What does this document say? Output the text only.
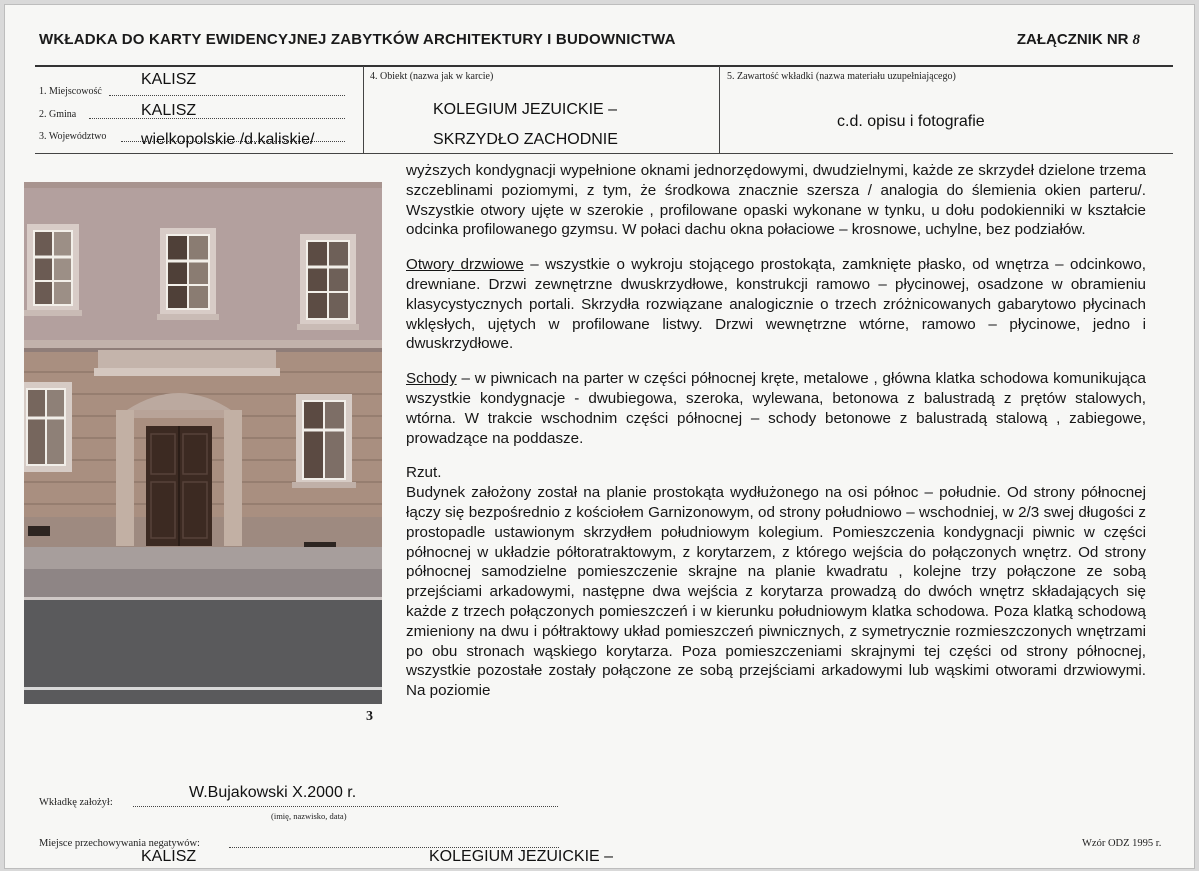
WKŁADKA DO KARTY EWIDENCYJNEJ ZABYTKÓW ARCHITEKTURY I BUDOWNICTWA	ZAŁĄCZNIK NR 8
1. Miejscowość
KALISZ
2. Gmina	KALISZ
3. Województwo wielkopolskie /d.kaliskie/
4. Obiekt (nazwa jak w karcie)
KOLEGIUM JEZUICKIE –
SKRZYDŁO ZACHODNIE
5. Zawartość wkładki (nazwa materiału uzupełniającego)
c.d. opisu i fotografie
3

wyższych kondygnacji wypełnione oknami jednorzędowymi, dwudzielnymi, każde ze skrzydeł dzielone trzema szczeblinami poziomymi, z tym, że środkowa znacznie szersza / analogia do ślemienia okien parteru/. Wszystkie otwory ujęte w szerokie , profilowane opaski wykonane w tynku, u dołu podokienniki w kształcie odcinka profilowanego gzymsu. W połaci dachu okna połaciowe – krosnowe, uchylne, bez podziałów.

Otwory drzwiowe – wszystkie o wykroju stojącego prostokąta, zamknięte płasko, od wnętrza – odcinkowo, drewniane. Drzwi zewnętrzne dwuskrzydłowe, konstrukcji ramowo – płycinowej, osadzone w obramieniu klasycystycznych portali. Skrzydła rozwiązane analogicznie o trzech zróżnicowanych gabarytowo płycinach wklęsłych, ujętych w profilowane listwy. Drzwi wewnętrzne wtórne, ramowo – płycinowe, jedno i dwuskrzydłowe.

Schody – w piwnicach na parter w części północnej kręte, metalowe , główna klatka schodowa komunikująca wszystkie kondygnacje - dwubiegowa, szeroka, wylewana, betonowa z balustradą z prętów stalowych, wtórna. W trakcie wschodnim części północnej – schody betonowe z balustradą stalową , zabiegowe, prowadzące na poddasze.

Rzut.
Budynek założony został na planie prostokąta wydłużonego na osi północ – południe. Od strony północnej łączy się bezpośrednio z kościołem Garnizonowym, od strony południowo – wschodniej, w 2/3 swej długości z prostopadle ustawionym skrzydłem południowym kolegium. Pomieszczenia kondygnacji piwnic w części północnej w układzie półtoratraktowym, z korytarzem, z którego wejścia do połączonych wnętrz. Od strony północnej samodzielne pomieszczenie skrajne na planie kwadratu , kolejne trzy połączone ze sobą przejściami arkadowymi, następne dwa wejścia z korytarza prowadzą do dwóch wnętrz składających się każde z trzech połączonych pomieszczeń i w kierunku południowym klatka schodowa. Poza klatką schodową zmieniony na dwu i półtraktowy układ pomieszczeń piwnicznych, z symetrycznie rozmieszczonych wnętrzami po obu stronach wąskiego korytarza. Poza pomieszczeniami skrajnymi tej części od strony północnej, wszystkie pozostałe zostały połączone ze sobą przejściami arkadowymi lub wąskimi otworami drzwiowymi. Na poziomie

Wkładkę założył:
W.Bujakowski X.2000 r.
(imię, nazwisko, data)
Miejsce przechowywania negatywów:
KALISZ	KOLEGIUM JEZUICKIE –
Wzór ODZ 1995 r.
